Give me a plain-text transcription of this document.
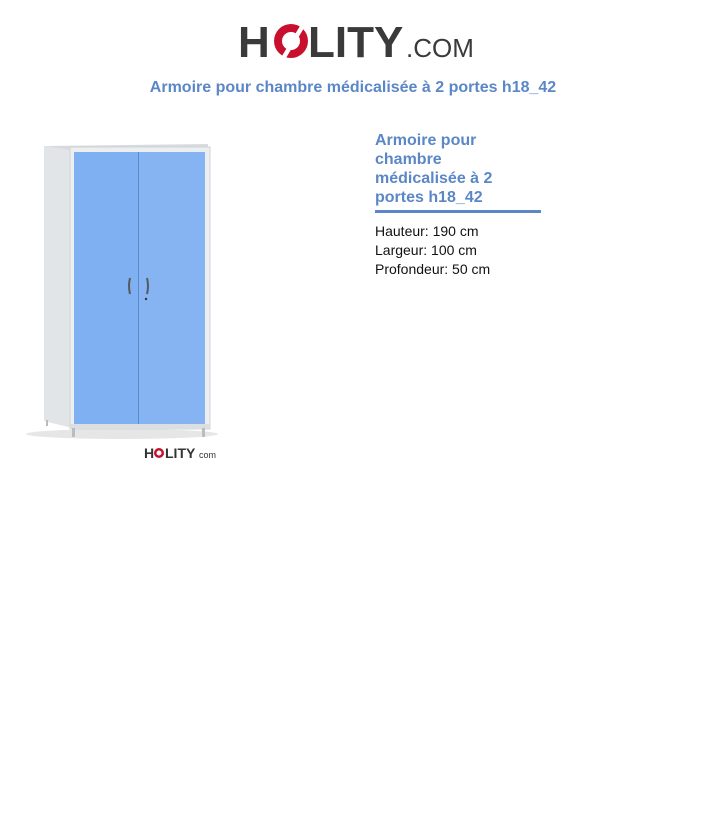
H LITY .COM
Armoire pour chambre médicalisée à 2 portes h18_42
H LITY com
Armoire pour chambre
médicalisée à 2
portes h18_42
Hauteur: 190 cm
Largeur: 100 cm
Profondeur: 50 cm
